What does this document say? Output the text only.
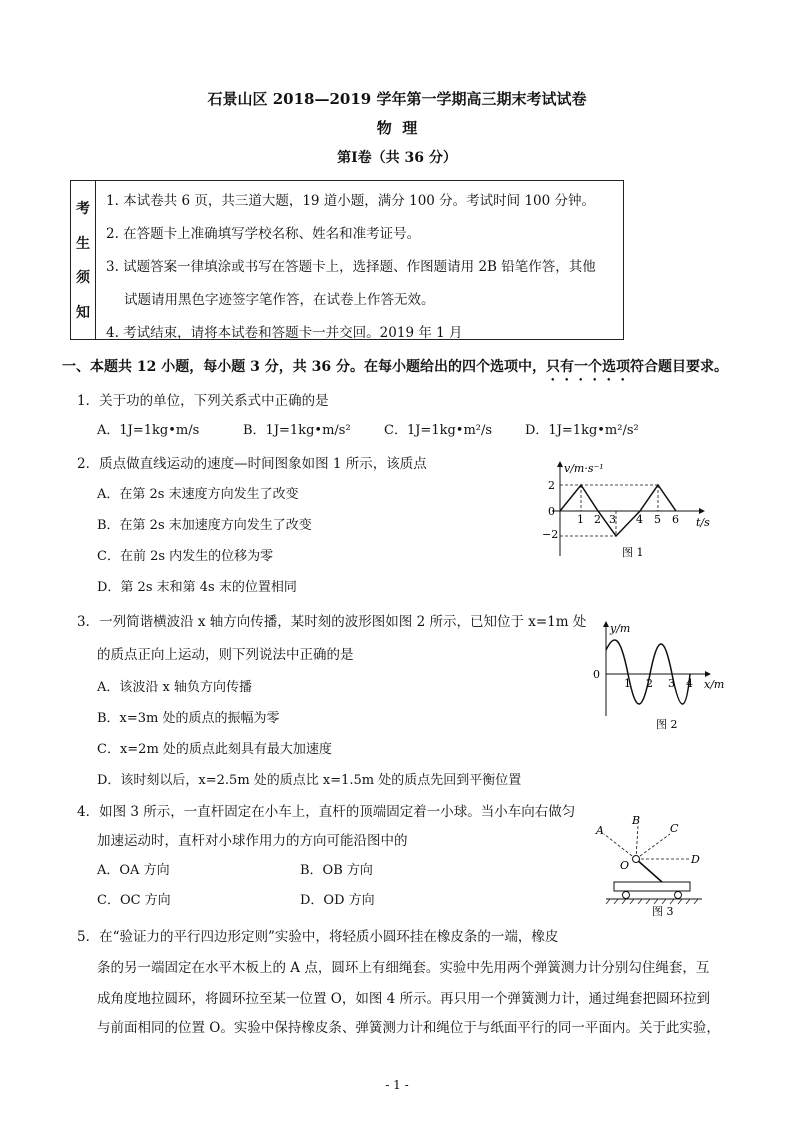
石景山区 2018—2019 学年第一学期高三期末考试试卷
物  理
第Ⅰ卷（共 36 分）
考
生
须
知
1. 本试卷共 6 页，共三道大题，19 道小题，满分 100 分。考试时间 100 分钟。
2. 在答题卡上准确填写学校名称、姓名和准考证号。
3. 试题答案一律填涂或书写在答题卡上，选择题、作图题请用 2B 铅笔作答，其他
试题请用黑色字迹签字笔作答，在试卷上作答无效。
4. 考试结束，请将本试卷和答题卡一并交回。2019 年 1 月
一、本题共 12 小题，每小题 3 分，共 36 分。在每小题给出的四个选项中，只有一个选项符合题目要求。
1．关于功的单位，下列关系式中正确的是
A．1J=1kg•m/s	B．1J=1kg•m/s²	C．1J=1kg•m²/s	D．1J=1kg•m²/s²
2．质点做直线运动的速度—时间图象如图 1 所示，该质点
A．在第 2s 末速度方向发生了改变
B．在第 2s 末加速度方向发生了改变
C．在前 2s 内发生的位移为零
D．第 2s 末和第 4s 末的位置相同
v/m·s⁻¹
t/s
2
0
−2
1 2 3 4 5 6
图 1
3．一列简谐横波沿 x 轴方向传播，某时刻的波形图如图 2 所示，已知位于 x=1m 处
的质点正向上运动，则下列说法中正确的是
A．该波沿 x 轴负方向传播
B．x=3m 处的质点的振幅为零
C．x=2m 处的质点此刻具有最大加速度
D．该时刻以后，x=2.5m 处的质点比 x=1.5m 处的质点先回到平衡位置
y/m
x/m
0
1 2 3 4
图 2
4．如图 3 所示，一直杆固定在小车上，直杆的顶端固定着一小球。当小车向右做匀
加速运动时，直杆对小球作用力的方向可能沿图中的
A．OA 方向	B．OB 方向
C．OC 方向	D．OD 方向
A
B
C
D
O
图 3
5．在“验证力的平行四边形定则”实验中，将轻质小圆环挂在橡皮条的一端，橡皮
条的另一端固定在水平木板上的 A 点，圆环上有细绳套。实验中先用两个弹簧测力计分别勾住绳套，互
成角度地拉圆环，将圆环拉至某一位置 O，如图 4 所示。再只用一个弹簧测力计，通过绳套把圆环拉到
与前面相同的位置 O。实验中保持橡皮条、弹簧测力计和绳位于与纸面平行的同一平面内。关于此实验，
- 1 -
